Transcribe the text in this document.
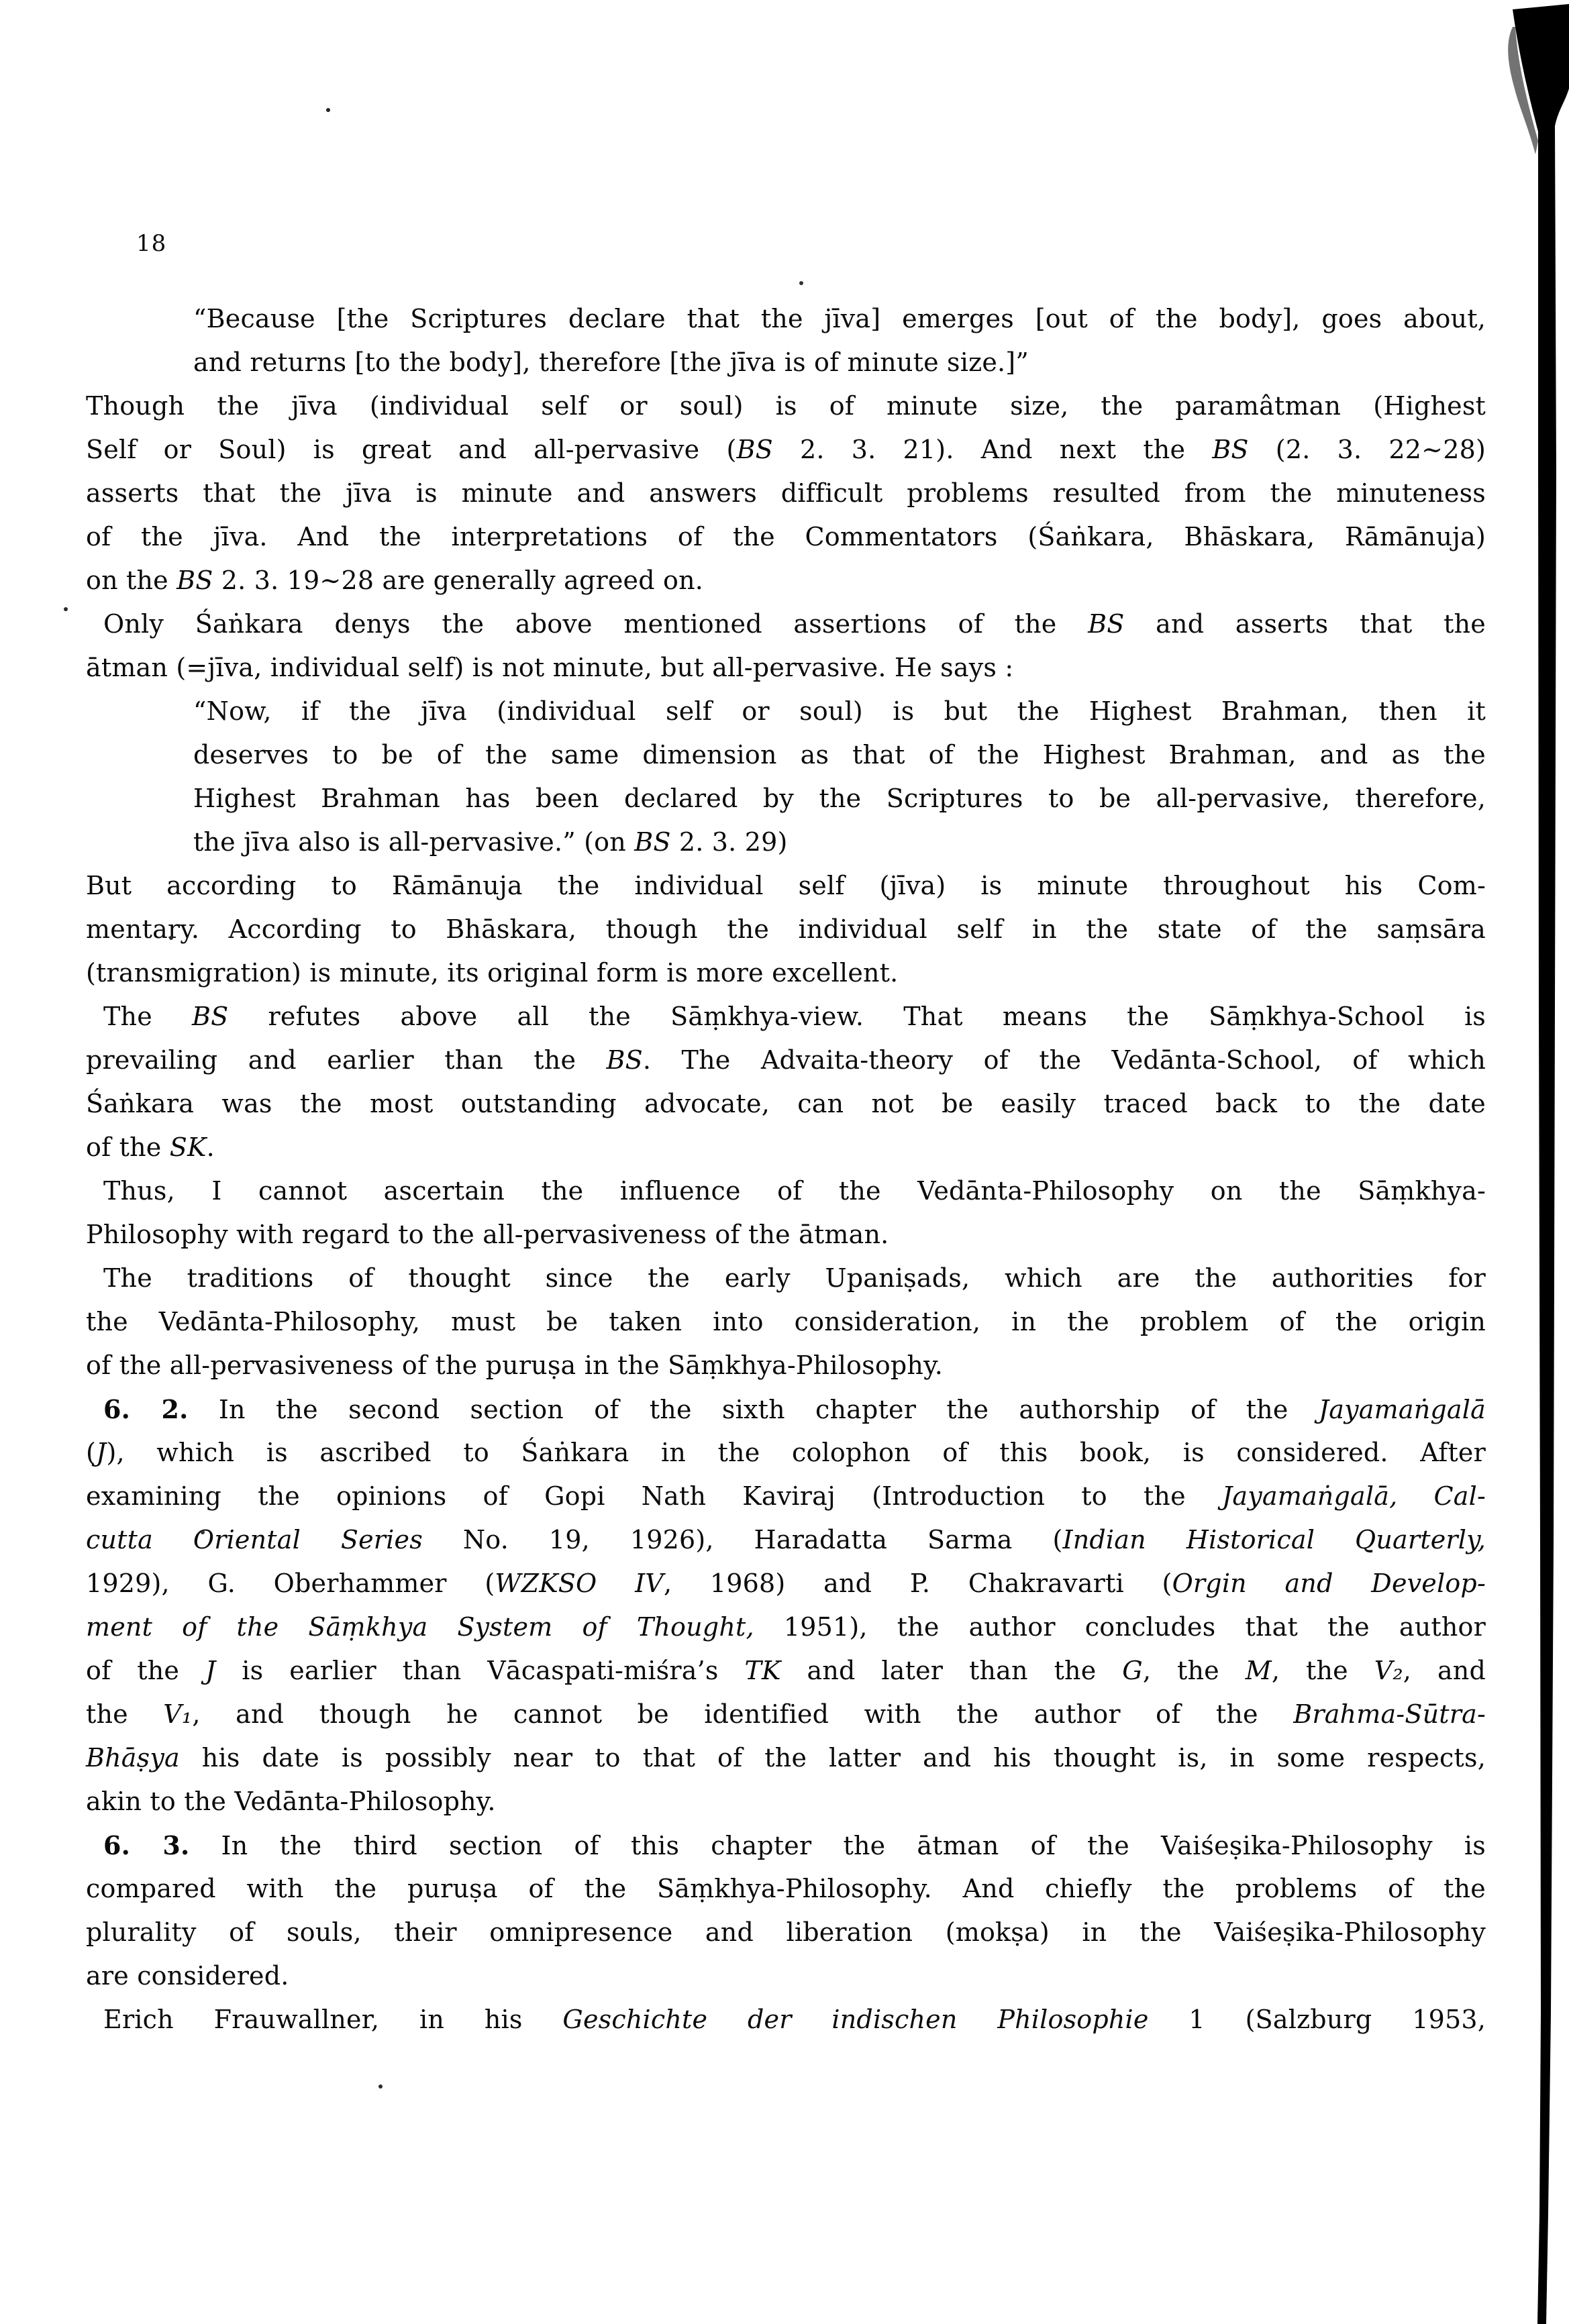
18
“Because [the Scriptures declare that the jīva] emerges [out of the body], goes about,
and returns [to the body], therefore [the jīva is of minute size.]”
Though the jīva (individual self or soul) is of minute size, the paramâtman (Highest
Self or Soul) is great and all-pervasive (BS 2. 3. 21). And next the BS (2. 3. 22~28)
asserts that the jīva is minute and answers difficult problems resulted from the minuteness
of the jīva. And the interpretations of the Commentators (Śaṅkara, Bhāskara, Rāmānuja)
on the BS 2. 3. 19~28 are generally agreed on.
Only Śaṅkara denys the above mentioned assertions of the BS and asserts that the
ātman (=jīva, individual self) is not minute, but all-pervasive. He says :
“Now, if the jīva (individual self or soul) is but the Highest Brahman, then it
deserves to be of the same dimension as that of the Highest Brahman, and as the
Highest Brahman has been declared by the Scriptures to be all-pervasive, therefore,
the jīva also is all-pervasive.” (on BS 2. 3. 29)
But according to Rāmānuja the individual self (jīva) is minute throughout his Com-
mentary. According to Bhāskara, though the individual self in the state of the saṃsāra
(transmigration) is minute, its original form is more excellent.
The BS refutes above all the Sāṃkhya-view. That means the Sāṃkhya-School is
prevailing and earlier than the BS. The Advaita-theory of the Vedānta-School, of which
Śaṅkara was the most outstanding advocate, can not be easily traced back to the date
of the SK.
Thus, I cannot ascertain the influence of the Vedānta-Philosophy on the Sāṃkhya-
Philosophy with regard to the all-pervasiveness of the ātman.
The traditions of thought since the early Upaniṣads, which are the authorities for
the Vedānta-Philosophy, must be taken into consideration, in the problem of the origin
of the all-pervasiveness of the puruṣa in the Sāṃkhya-Philosophy.
6. 2. In the second section of the sixth chapter the authorship of the Jayamaṅgalā
(J), which is ascribed to Śaṅkara in the colophon of this book, is considered. After
examining the opinions of Gopi Nath Kaviraj (Introduction to the Jayamaṅgalā, Cal-
cutta Oriental Series No. 19, 1926), Haradatta Sarma (Indian Historical Quarterly,
1929), G. Oberhammer (WZKSO IV, 1968) and P. Chakravarti (Orgin and Develop-
ment of the Sāṃkhya System of Thought, 1951), the author concludes that the author
of the J is earlier than Vācaspati-miśra’s TK and later than the G, the M, the V₂, and
the V₁, and though he cannot be identified with the author of the Brahma-Sūtra-
Bhāṣya his date is possibly near to that of the latter and his thought is, in some respects,
akin to the Vedānta-Philosophy.
6. 3. In the third section of this chapter the ātman of the Vaiśeṣika-Philosophy is
compared with the puruṣa of the Sāṃkhya-Philosophy. And chiefly the problems of the
plurality of souls, their omnipresence and liberation (mokṣa) in the Vaiśeṣika-Philosophy
are considered.
Erich Frauwallner, in his Geschichte der indischen Philosophie 1 (Salzburg 1953,
